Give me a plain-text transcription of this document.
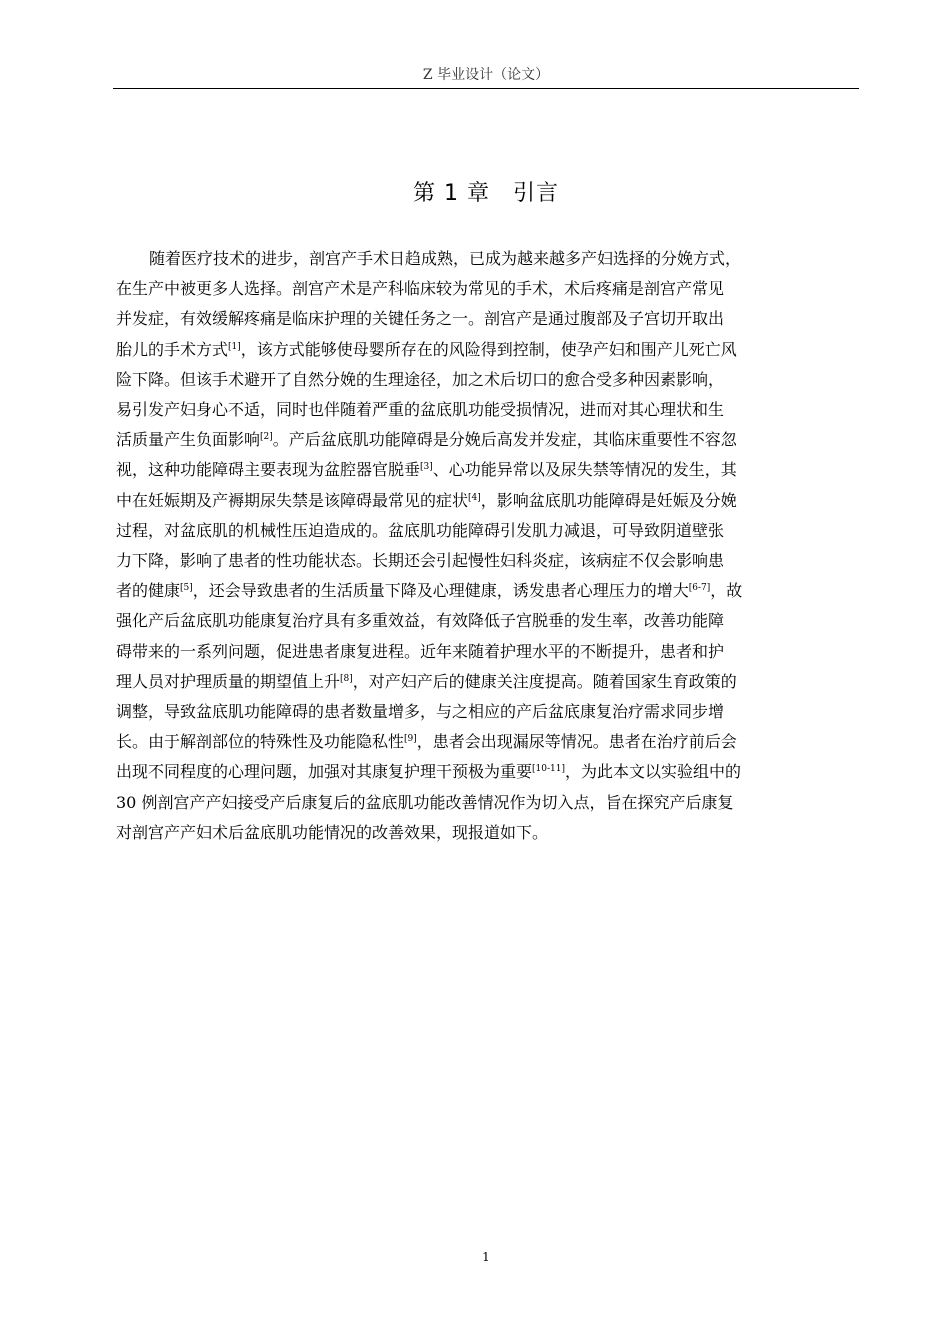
Z 毕业设计（论文）
第 1 章　引言
随着医疗技术的进步，剖宫产手术日趋成熟，已成为越来越多产妇选择的分娩方式，
在生产中被更多人选择。剖宫产术是产科临床较为常见的手术，术后疼痛是剖宫产常见
并发症，有效缓解疼痛是临床护理的关键任务之一。剖宫产是通过腹部及子宫切开取出
胎儿的手术方式[1]，该方式能够使母婴所存在的风险得到控制，使孕产妇和围产儿死亡风
险下降。但该手术避开了自然分娩的生理途径，加之术后切口的愈合受多种因素影响，
易引发产妇身心不适，同时也伴随着严重的盆底肌功能受损情况，进而对其心理状和生
活质量产生负面影响[2]。产后盆底肌功能障碍是分娩后高发并发症，其临床重要性不容忽
视，这种功能障碍主要表现为盆腔器官脱垂[3]、心功能异常以及尿失禁等情况的发生，其
中在妊娠期及产褥期尿失禁是该障碍最常见的症状[4]，影响盆底肌功能障碍是妊娠及分娩
过程，对盆底肌的机械性压迫造成的。盆底肌功能障碍引发肌力减退，可导致阴道壁张
力下降，影响了患者的性功能状态。长期还会引起慢性妇科炎症，该病症不仅会影响患
者的健康[5]，还会导致患者的生活质量下降及心理健康，诱发患者心理压力的增大[6-7]，故
强化产后盆底肌功能康复治疗具有多重效益，有效降低子宫脱垂的发生率，改善功能障
碍带来的一系列问题，促进患者康复进程。近年来随着护理水平的不断提升，患者和护
理人员对护理质量的期望值上升[8]，对产妇产后的健康关注度提高。随着国家生育政策的
调整，导致盆底肌功能障碍的患者数量增多，与之相应的产后盆底康复治疗需求同步增
长。由于解剖部位的特殊性及功能隐私性[9]，患者会出现漏尿等情况。患者在治疗前后会
出现不同程度的心理问题，加强对其康复护理干预极为重要[10-11]，为此本文以实验组中的
30 例剖宫产产妇接受产后康复后的盆底肌功能改善情况作为切入点，旨在探究产后康复
对剖宫产产妇术后盆底肌功能情况的改善效果，现报道如下。
1
